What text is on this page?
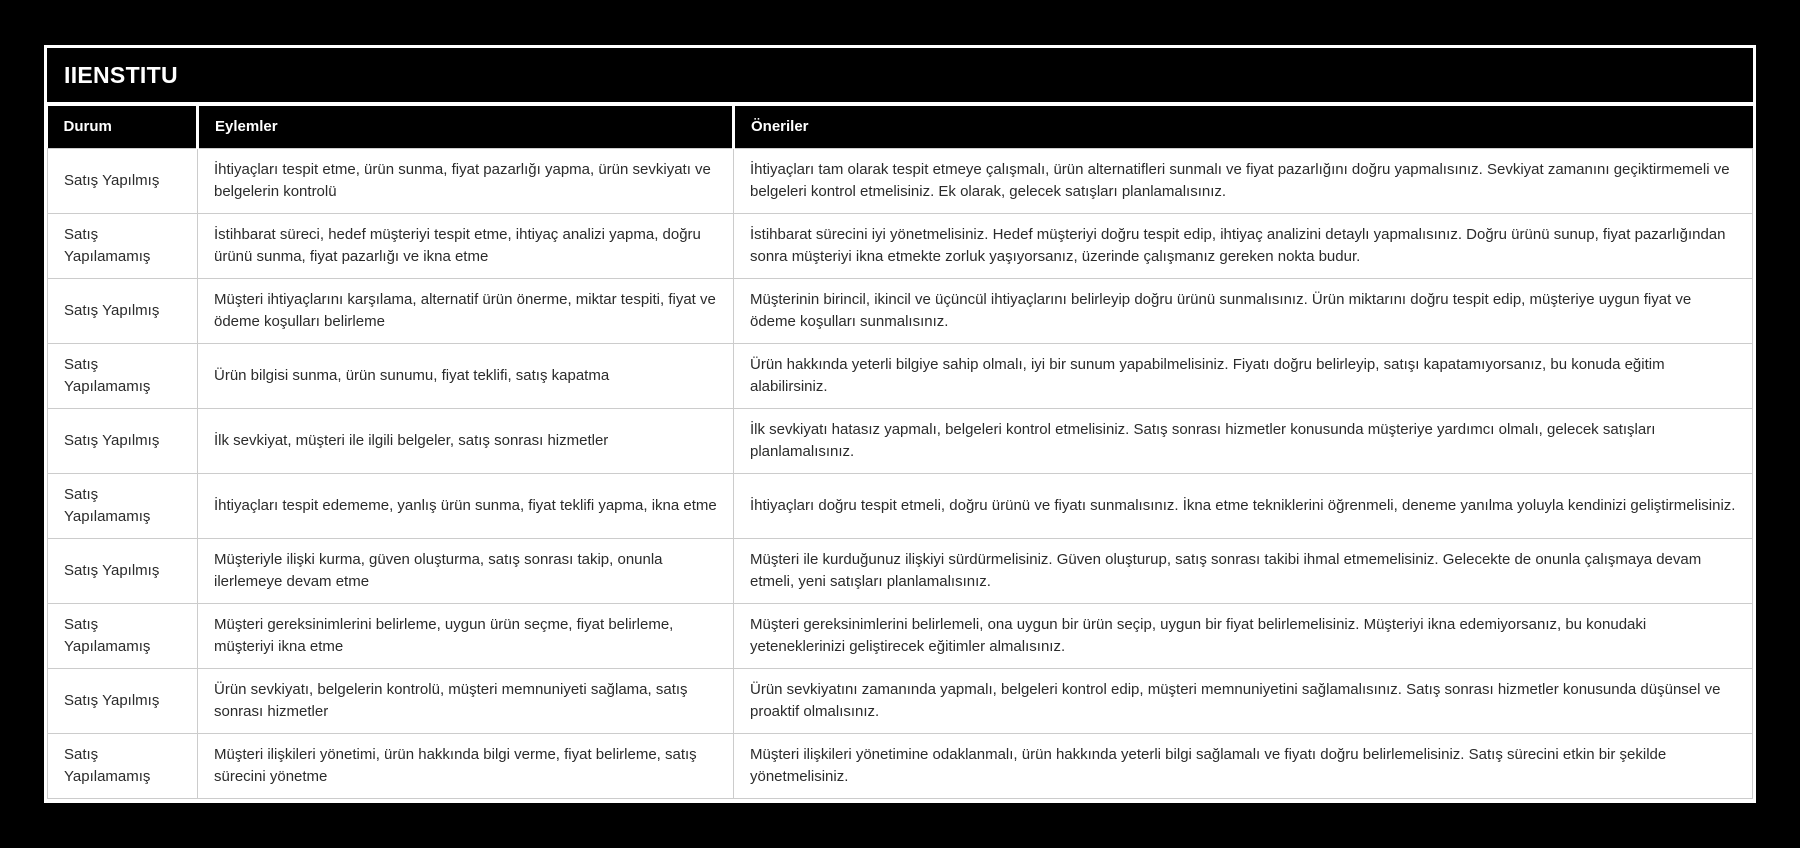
IIENSTITU
Durum	Eylemler	Öneriler
Satış Yapılmış	İhtiyaçları tespit etme, ürün sunma, fiyat pazarlığı yapma, ürün sevkiyatı ve belgelerin kontrolü	İhtiyaçları tam olarak tespit etmeye çalışmalı, ürün alternatifleri sunmalı ve fiyat pazarlığını doğru yapmalısınız. Sevkiyat zamanını geçiktirmemeli ve belgeleri kontrol etmelisiniz. Ek olarak, gelecek satışları planlamalısınız.
Satış Yapılamamış	İstihbarat süreci, hedef müşteriyi tespit etme, ihtiyaç analizi yapma, doğru ürünü sunma, fiyat pazarlığı ve ikna etme	İstihbarat sürecini iyi yönetmelisiniz. Hedef müşteriyi doğru tespit edip, ihtiyaç analizini detaylı yapmalısınız. Doğru ürünü sunup, fiyat pazarlığından sonra müşteriyi ikna etmekte zorluk yaşıyorsanız, üzerinde çalışmanız gereken nokta budur.
Satış Yapılmış	Müşteri ihtiyaçlarını karşılama, alternatif ürün önerme, miktar tespiti, fiyat ve ödeme koşulları belirleme	Müşterinin birincil, ikincil ve üçüncül ihtiyaçlarını belirleyip doğru ürünü sunmalısınız. Ürün miktarını doğru tespit edip, müşteriye uygun fiyat ve ödeme koşulları sunmalısınız.
Satış Yapılamamış	Ürün bilgisi sunma, ürün sunumu, fiyat teklifi, satış kapatma	Ürün hakkında yeterli bilgiye sahip olmalı, iyi bir sunum yapabilmelisiniz. Fiyatı doğru belirleyip, satışı kapatamıyorsanız, bu konuda eğitim alabilirsiniz.
Satış Yapılmış	İlk sevkiyat, müşteri ile ilgili belgeler, satış sonrası hizmetler	İlk sevkiyatı hatasız yapmalı, belgeleri kontrol etmelisiniz. Satış sonrası hizmetler konusunda müşteriye yardımcı olmalı, gelecek satışları planlamalısınız.
Satış Yapılamamış	İhtiyaçları tespit edememe, yanlış ürün sunma, fiyat teklifi yapma, ikna etme	İhtiyaçları doğru tespit etmeli, doğru ürünü ve fiyatı sunmalısınız. İkna etme tekniklerini öğrenmeli, deneme yanılma yoluyla kendinizi geliştirmelisiniz.
Satış Yapılmış	Müşteriyle ilişki kurma, güven oluşturma, satış sonrası takip, onunla ilerlemeye devam etme	Müşteri ile kurduğunuz ilişkiyi sürdürmelisiniz. Güven oluşturup, satış sonrası takibi ihmal etmemelisiniz. Gelecekte de onunla çalışmaya devam etmeli, yeni satışları planlamalısınız.
Satış Yapılamamış	Müşteri gereksinimlerini belirleme, uygun ürün seçme, fiyat belirleme, müşteriyi ikna etme	Müşteri gereksinimlerini belirlemeli, ona uygun bir ürün seçip, uygun bir fiyat belirlemelisiniz. Müşteriyi ikna edemiyorsanız, bu konudaki yeteneklerinizi geliştirecek eğitimler almalısınız.
Satış Yapılmış	Ürün sevkiyatı, belgelerin kontrolü, müşteri memnuniyeti sağlama, satış sonrası hizmetler	Ürün sevkiyatını zamanında yapmalı, belgeleri kontrol edip, müşteri memnuniyetini sağlamalısınız. Satış sonrası hizmetler konusunda düşünsel ve proaktif olmalısınız.
Satış Yapılamamış	Müşteri ilişkileri yönetimi, ürün hakkında bilgi verme, fiyat belirleme, satış sürecini yönetme	Müşteri ilişkileri yönetimine odaklanmalı, ürün hakkında yeterli bilgi sağlamalı ve fiyatı doğru belirlemelisiniz. Satış sürecini etkin bir şekilde yönetmelisiniz.
